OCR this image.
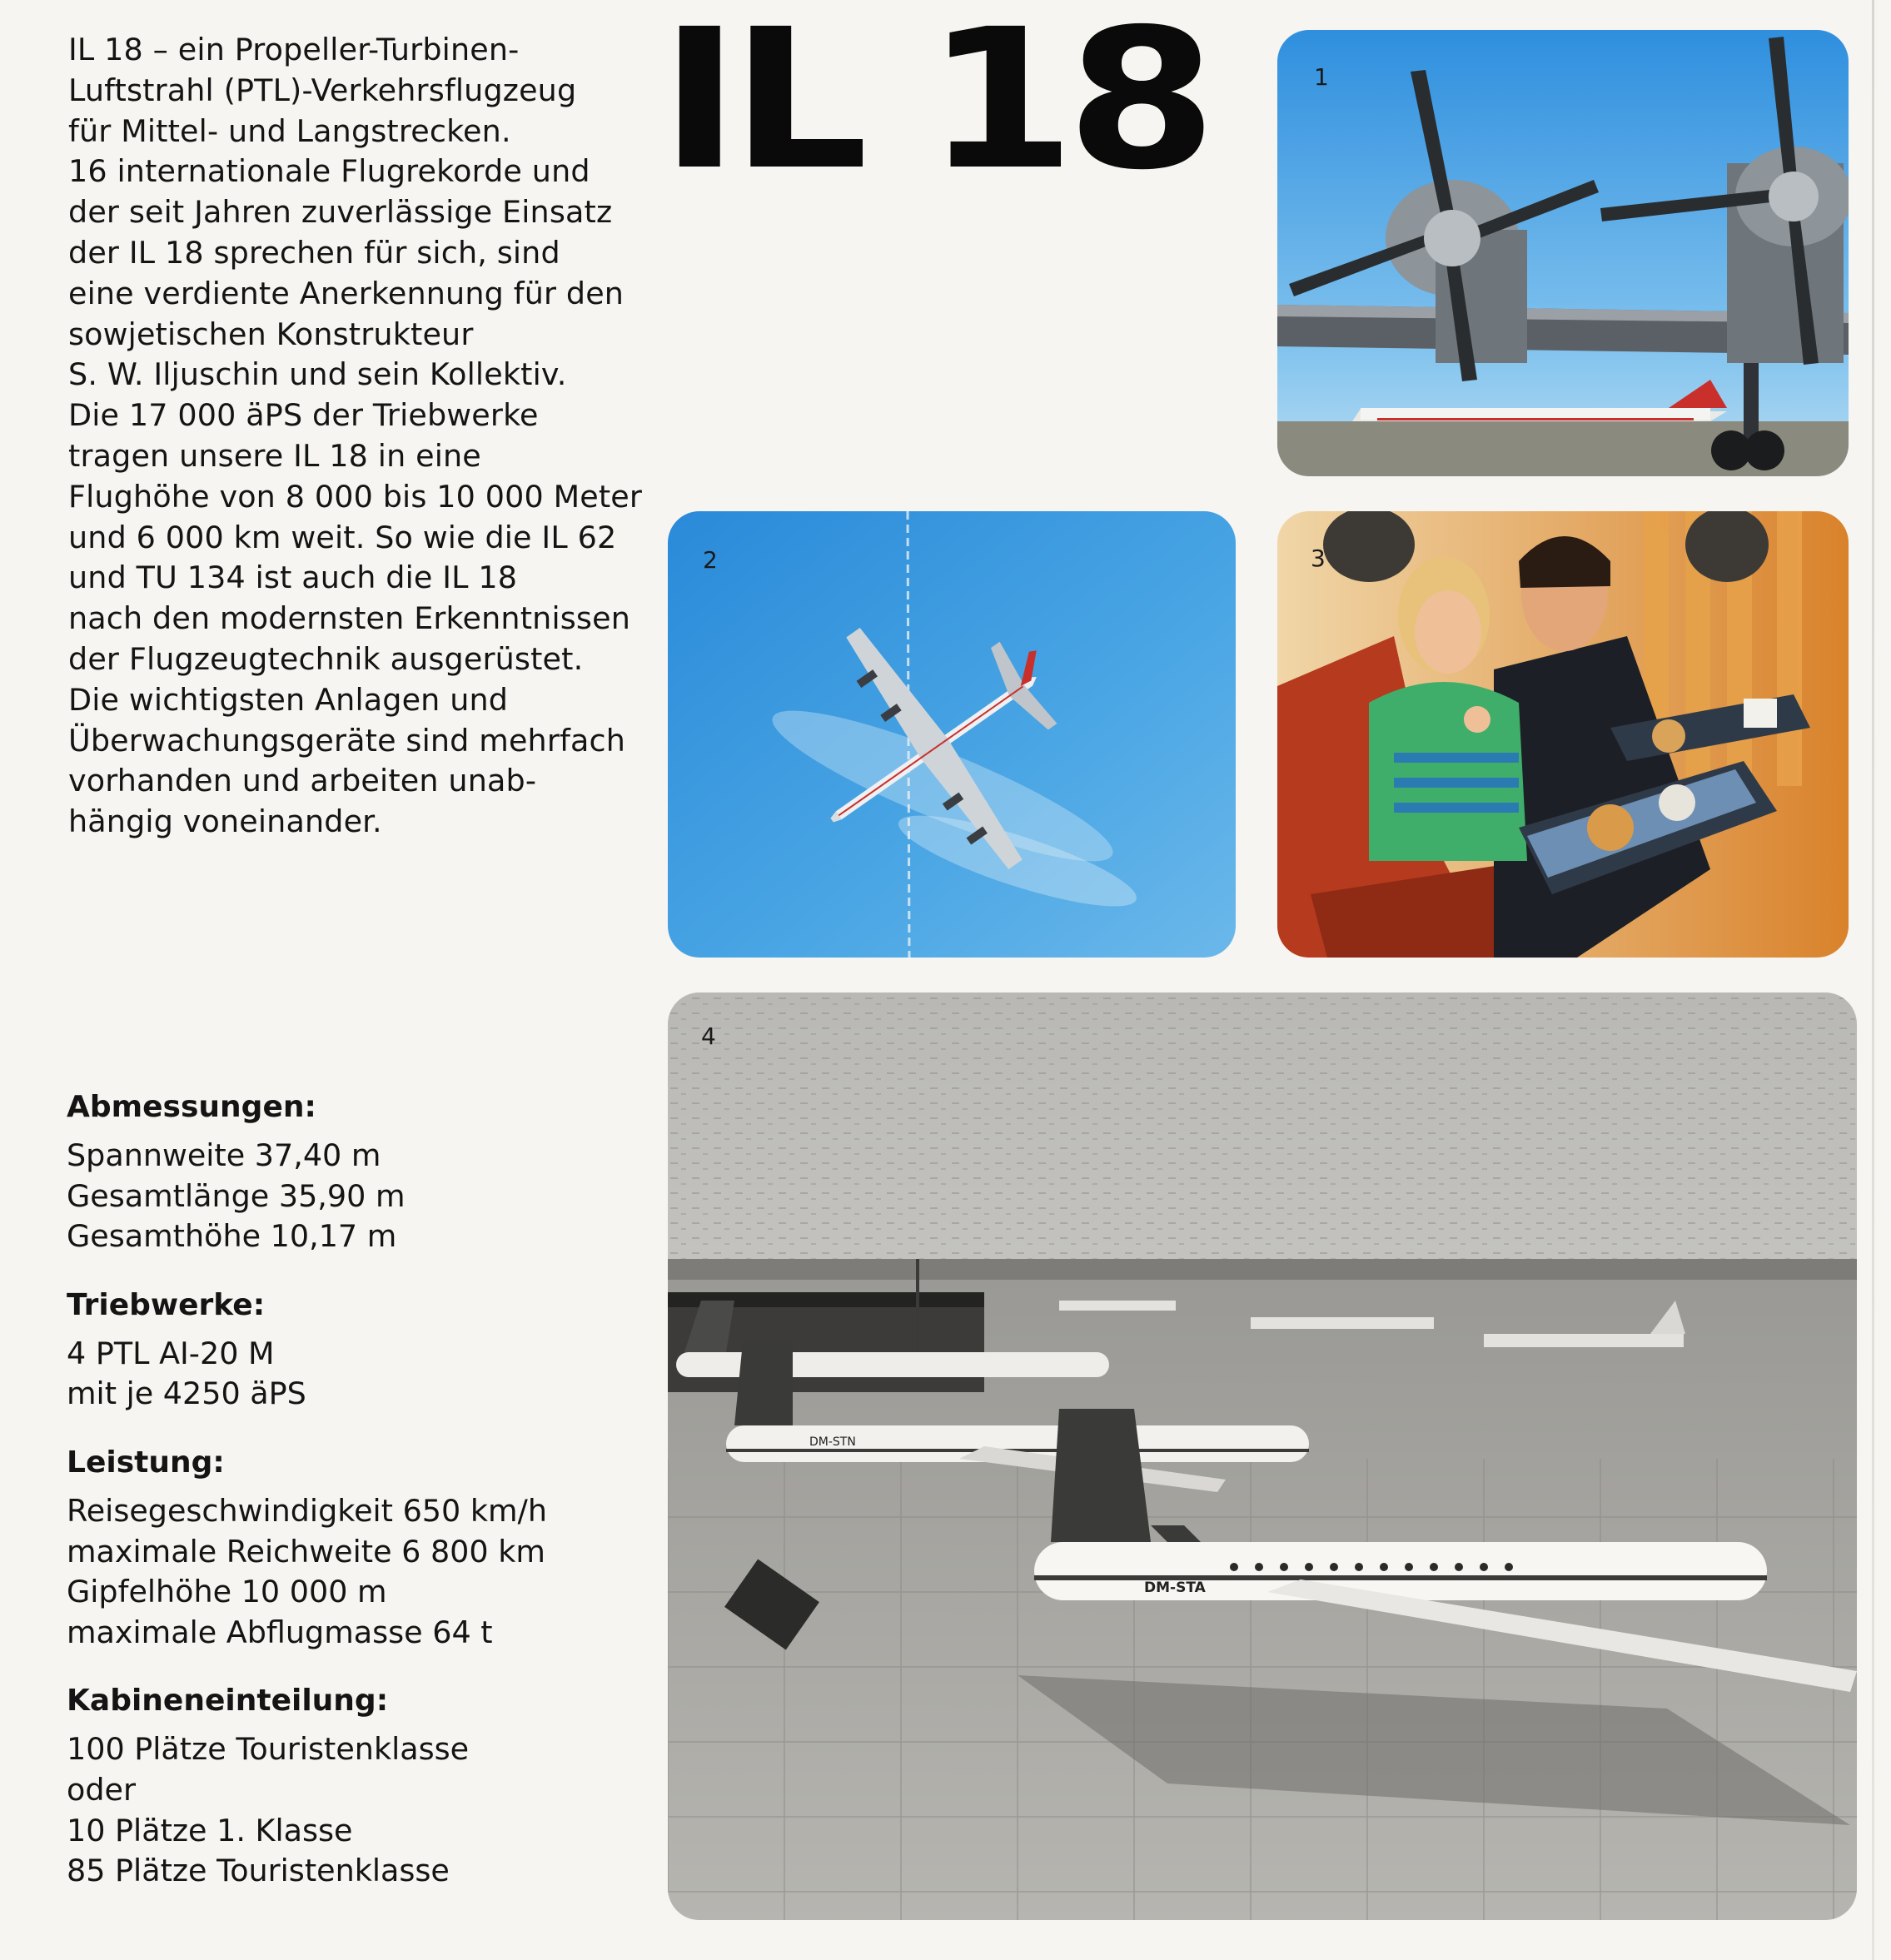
IL 18 – ein Propeller-Turbinen-
Luftstrahl (PTL)-Verkehrsflugzeug
für Mittel- und Langstrecken.
16 internationale Flugrekorde und
der seit Jahren zuverlässige Einsatz
der IL 18 sprechen für sich, sind
eine verdiente Anerkennung für den
sowjetischen Konstrukteur
S. W. Iljuschin und sein Kollektiv.
Die 17 000 äPS der Triebwerke
tragen unsere IL 18 in eine
Flughöhe von 8 000 bis 10 000 Meter
und 6 000 km weit. So wie die IL 62
und TU 134 ist auch die IL 18
nach den modernsten Erkenntnissen
der Flugzeugtechnik ausgerüstet.
Die wichtigsten Anlagen und
Überwachungsgeräte sind mehrfach
vorhanden und arbeiten unab-
hängig voneinander.

IL 18	1
2	3
DM-STN
DM-STA
4
Abmessungen:

Spannweite 37,40 m
Gesamtlänge 35,90 m
Gesamthöhe 10,17 m

Triebwerke:

4 PTL AI-20 M
mit je 4250 äPS

Leistung:

Reisegeschwindigkeit 650 km/h
maximale Reichweite 6 800 km
Gipfelhöhe 10 000 m
maximale Abflugmasse 64 t

Kabineneinteilung:

100 Plätze Touristenklasse
oder
10 Plätze 1. Klasse
85 Plätze Touristenklasse
